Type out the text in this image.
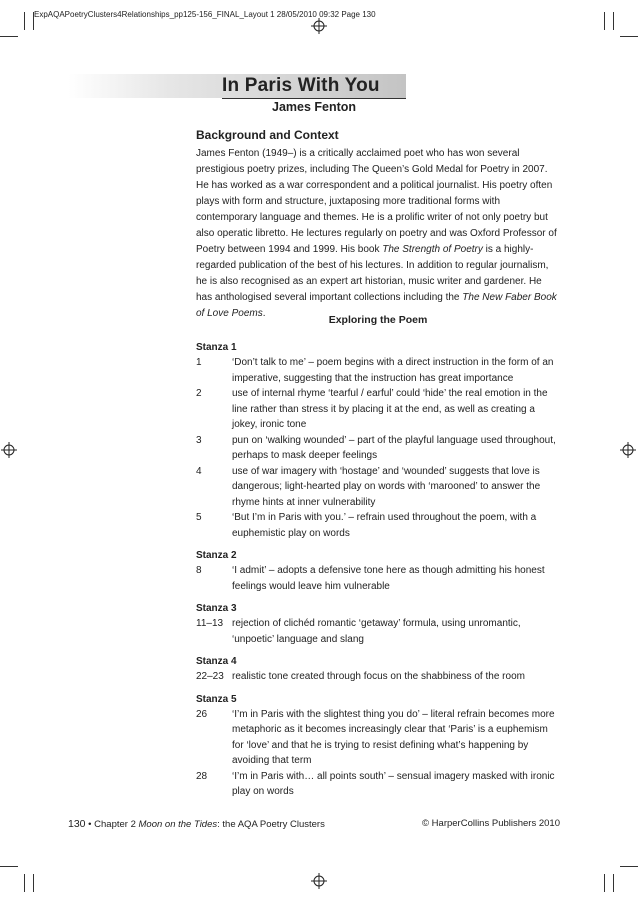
ExpAQAPoetryClusters4Relationships_pp125-156_FINAL_Layout 1 28/05/2010 09:32 Page 130
In Paris With You
James Fenton
Background and Context

James Fenton (1949–) is a critically acclaimed poet who has won several prestigious poetry prizes, including The Queen’s Gold Medal for Poetry in 2007. He has worked as a war correspondent and a political journalist. His poetry often plays with form and structure, juxtaposing more traditional forms with contemporary language and themes. He is a prolific writer of not only poetry but also operatic libretto. He lectures regularly on poetry and was Oxford Professor of Poetry between 1994 and 1999. His book The Strength of Poetry is a highly-regarded publication of the best of his lectures. In addition to regular journalism, he is also recognised as an expert art historian, music writer and gardener. He has anthologised several important collections including the The New Faber Book of Love Poems.

Exploring the Poem
Stanza 1
1	‘Don’t talk to me’ – poem begins with a direct instruction in the form of an imperative, suggesting that the instruction has great importance
2	use of internal rhyme ‘tearful / earful’ could ‘hide’ the real emotion in the line rather than stress it by placing it at the end, as well as creating a jokey, ironic tone
3	pun on ‘walking wounded’ – part of the playful language used throughout, perhaps to mask deeper feelings
4	use of war imagery with ‘hostage’ and ‘wounded’ suggests that love is dangerous; light-hearted play on words with ‘marooned’ to answer the rhyme hints at inner vulnerability
5	‘But I’m in Paris with you.’ – refrain used throughout the poem, with a euphemistic play on words
Stanza 2
8	‘I admit’ – adopts a defensive tone here as though admitting his honest feelings would leave him vulnerable
Stanza 3
11–13 rejection of clichéd romantic ‘getaway’ formula, using unromantic, ‘unpoetic’ language and slang
Stanza 4
22–23 realistic tone created through focus on the shabbiness of the room
Stanza 5
26	‘I’m in Paris with the slightest thing you do’ – literal refrain becomes more metaphoric as it becomes increasingly clear that ‘Paris’ is a euphemism for ‘love’ and that he is trying to resist defining what’s happening by avoiding that term
28	‘I’m in Paris with… all points south’ – sensual imagery masked with ironic play on words
130 • Chapter 2 Moon on the Tides: the AQA Poetry Clusters	© HarperCollins Publishers 2010
